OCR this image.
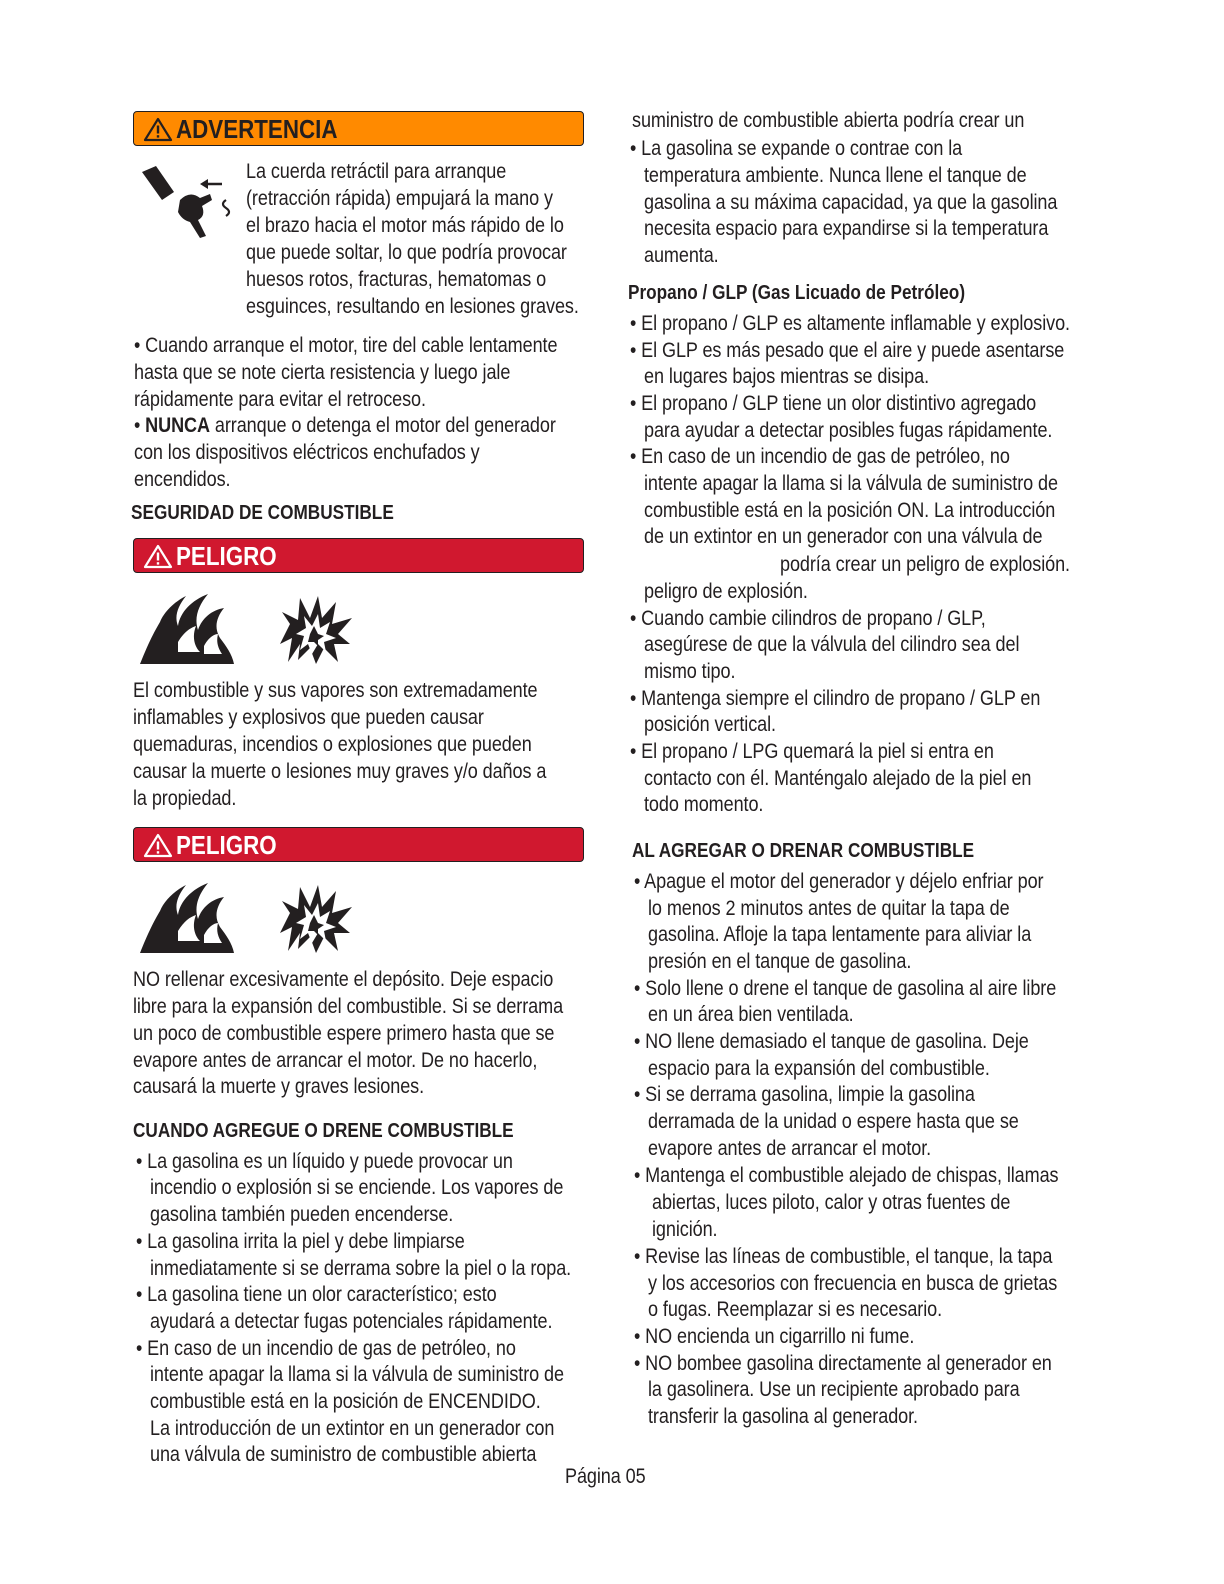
ADVERTENCIA
La cuerda retráctil para arranque
(retracción rápida) empujará la mano y
el brazo hacia el motor más rápido de lo
que puede soltar, lo que podría provocar
huesos rotos, fracturas, hematomas o
esguinces, resultando en lesiones graves.
• Cuando arranque el motor, tire del cable lentamente
hasta que se note cierta resistencia y luego jale
rápidamente para evitar el retroceso.
• NUNCA arranque o detenga el motor del generador
con los dispositivos eléctricos enchufados y
encendidos.
SEGURIDAD DE COMBUSTIBLE
PELIGRO
El combustible y sus vapores son extremadamente
inflamables y explosivos que pueden causar
quemaduras, incendios o explosiones que pueden
causar la muerte o lesiones muy graves y/o daños a
la propiedad.
PELIGRO
NO rellenar excesivamente el depósito. Deje espacio
libre para la expansión del combustible. Si se derrama
un poco de combustible espere primero hasta que se
evapore antes de arrancar el motor. De no hacerlo,
causará la muerte y graves lesiones.
CUANDO AGREGUE O DRENE COMBUSTIBLE
• La gasolina es un líquido y puede provocar un
incendio o explosión si se enciende. Los vapores de
gasolina también pueden encenderse.
• La gasolina irrita la piel y debe limpiarse
inmediatamente si se derrama sobre la piel o la ropa.
• La gasolina tiene un olor característico; esto
ayudará a detectar fugas potenciales rápidamente.
• En caso de un incendio de gas de petróleo, no
intente apagar la llama si la válvula de suministro de
combustible está en la posición de ENCENDIDO.
La introducción de un extintor en un generador con
una válvula de suministro de combustible abierta
suministro de combustible abierta podría crear un
• La gasolina se expande o contrae con la
temperatura ambiente. Nunca llene el tanque de
gasolina a su máxima capacidad, ya que la gasolina
necesita espacio para expandirse si la temperatura
aumenta.
Propano / GLP (Gas Licuado de Petróleo)
• El propano / GLP es altamente inflamable y explosivo.
• El GLP es más pesado que el aire y puede asentarse
en lugares bajos mientras se disipa.
• El propano / GLP tiene un olor distintivo agregado
para ayudar a detectar posibles fugas rápidamente.
• En caso de un incendio de gas de petróleo, no
intente apagar la llama si la válvula de suministro de
combustible está en la posición ON. La introducción
de un extintor en un generador con una válvula de
podría crear un peligro de explosión.
peligro de explosión.
• Cuando cambie cilindros de propano / GLP,
asegúrese de que la válvula del cilindro sea del
mismo tipo.
• Mantenga siempre el cilindro de propano / GLP en
posición vertical.
• El propano / LPG quemará la piel si entra en
contacto con él. Manténgalo alejado de la piel en
todo momento.
AL AGREGAR O DRENAR COMBUSTIBLE
• Apague el motor del generador y déjelo enfriar por
lo menos 2 minutos antes de quitar la tapa de
gasolina. Afloje la tapa lentamente para aliviar la
presión en el tanque de gasolina.
• Solo llene o drene el tanque de gasolina al aire libre
en un área bien ventilada.
• NO llene demasiado el tanque de gasolina. Deje
espacio para la expansión del combustible.
• Si se derrama gasolina, limpie la gasolina
derramada de la unidad o espere hasta que se
evapore antes de arrancar el motor.
• Mantenga el combustible alejado de chispas, llamas
abiertas, luces piloto, calor y otras fuentes de
ignición.
• Revise las líneas de combustible, el tanque, la tapa
y los accesorios con frecuencia en busca de grietas
o fugas. Reemplazar si es necesario.
• NO encienda un cigarrillo ni fume.
• NO bombee gasolina directamente al generador en
la gasolinera. Use un recipiente aprobado para
transferir la gasolina al generador.
Página 05
